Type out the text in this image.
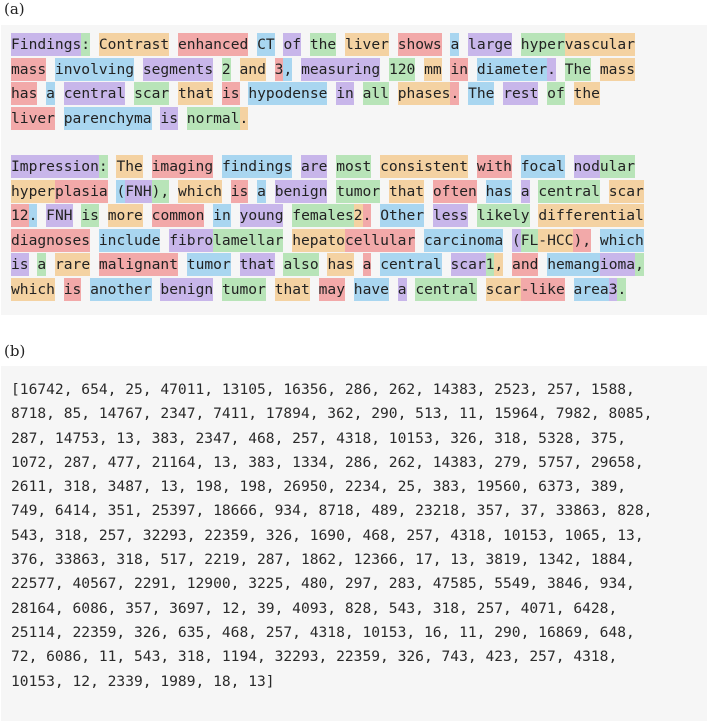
(a)
Findings: Contrast enhanced CT of the liver shows a large hypervascular
mass involving segments 2 and 3, measuring 120 mm in diameter. The mass
has a central scar that is hypodense in all phases. The rest of the
liver parenchyma is normal.
Impression: The imaging findings are most consistent with focal nodular
hyperplasia (FNH), which is a benign tumor that often has a central scar
12. FNH is more common in young females2. Other less likely differential
diagnoses include fibrolamellar hepatocellular carcinoma (FL-HCC), which
is a rare malignant tumor that also has a central scar1, and hemangioma,
which is another benign tumor that may have a central scar-like area3.
(b)
[16742, 654, 25, 47011, 13105, 16356, 286, 262, 14383, 2523, 257, 1588,
8718, 85, 14767, 2347, 7411, 17894, 362, 290, 513, 11, 15964, 7982, 8085,
287, 14753, 13, 383, 2347, 468, 257, 4318, 10153, 326, 318, 5328, 375,
1072, 287, 477, 21164, 13, 383, 1334, 286, 262, 14383, 279, 5757, 29658,
2611, 318, 3487, 13, 198, 198, 26950, 2234, 25, 383, 19560, 6373, 389,
749, 6414, 351, 25397, 18666, 934, 8718, 489, 23218, 357, 37, 33863, 828,
543, 318, 257, 32293, 22359, 326, 1690, 468, 257, 4318, 10153, 1065, 13,
376, 33863, 318, 517, 2219, 287, 1862, 12366, 17, 13, 3819, 1342, 1884,
22577, 40567, 2291, 12900, 3225, 480, 297, 283, 47585, 5549, 3846, 934,
28164, 6086, 357, 3697, 12, 39, 4093, 828, 543, 318, 257, 4071, 6428,
25114, 22359, 326, 635, 468, 257, 4318, 10153, 16, 11, 290, 16869, 648,
72, 6086, 11, 543, 318, 1194, 32293, 22359, 326, 743, 423, 257, 4318,
10153, 12, 2339, 1989, 18, 13]
